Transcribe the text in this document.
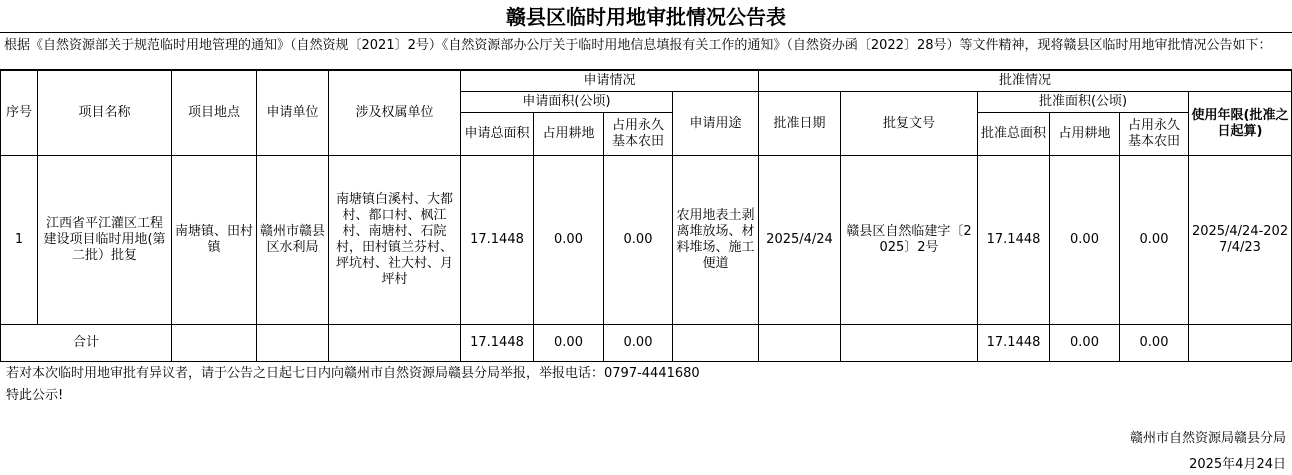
赣县区临时用地审批情况公告表
根据《自然资源部关于规范临时用地管理的通知》（自然资规〔2021〕2号）《自然资源部办公厅关于临时用地信息填报有关工作的通知》（自然资办函〔2022〕28号）等文件精神，现将赣县区临时用地审批情况公告如下：
序号	项目名称	项目地点	申请单位	涉及权属单位	申请情况				批准情况					
					申请面积(公顷)			申请用途	批准日期	批复文号	批准面积(公顷)			使用年限(批准之日起算)
					申请总面积	占用耕地	占用永久基本农田				批准总面积	占用耕地	占用永久基本农田	
1	江西省平江灌区工程建设项目临时用地(第二批）批复	南塘镇、田村镇	赣州市赣县区水利局	南塘镇白溪村、大都村、都口村、枫江村、南塘村、石院村，田村镇兰芬村、坪坑村、社大村、月坪村	17.1448	0.00	0.00	农用地表土剥离堆放场、材料堆场、施工便道	2025/4/24	赣县区自然临建字〔2025〕2号	17.1448	0.00	0.00	2025/4/24-2027/4/23
合计					17.1448	0.00	0.00				17.1448	0.00	0.00	
若对本次临时用地审批有异议者，请于公告之日起七日内向赣州市自然资源局赣县分局举报，举报电话：0797-4441680
特此公示!
赣州市自然资源局赣县分局
2025年4月24日
